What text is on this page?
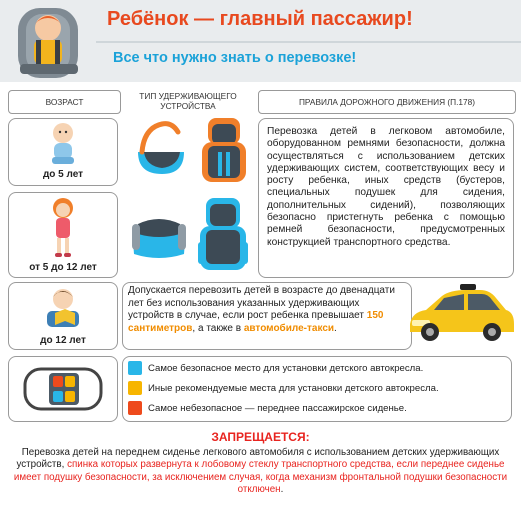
Ребёнок — главный пассажир!
Все что нужно знать о перевозке!
ВОЗРАСТ
ТИП УДЕРЖИВАЮЩЕГО УСТРОЙСТВА	ПРАВИЛА ДОРОЖНОГО ДВИЖЕНИЯ (П.178)
до 5 лет
от 5 до 12 лет
Перевозка детей в легковом автомобиле, оборудованном ремнями безопасности, должна осуществляться с использованием детских удерживающих систем, соответствующих весу и росту ребенка, иных средств (бустеров, специальных подушек для сидения, дополнительных сидений), позволяющих безопасно пристегнуть ребенка с помощью ремней безопасности, предусмотренных конструкцией транспортного средства.
до 12 лет
Допускается перевозить детей в возрасте до двенадцати лет без использования указанных удерживающих устройств в случае, если рост ребенка превышает 150 сантиметров, а также в автомобиле-такси.
Самое безопасное место для установки детского автокресла.
Иные рекомендуемые места для установки детского автокресла.
Самое небезопасное — переднее пассажирское сиденье.
ЗАПРЕЩАЕТСЯ:
Перевозка детей на переднем сиденье легкового автомобиля с использованием детских удерживающих устройств, спинка которых развернута к лобовому стеклу транспортного средства, если переднее сиденье имеет подушку безопасности, за исключением случая, когда механизм фронтальной подушки безопасности отключен.
